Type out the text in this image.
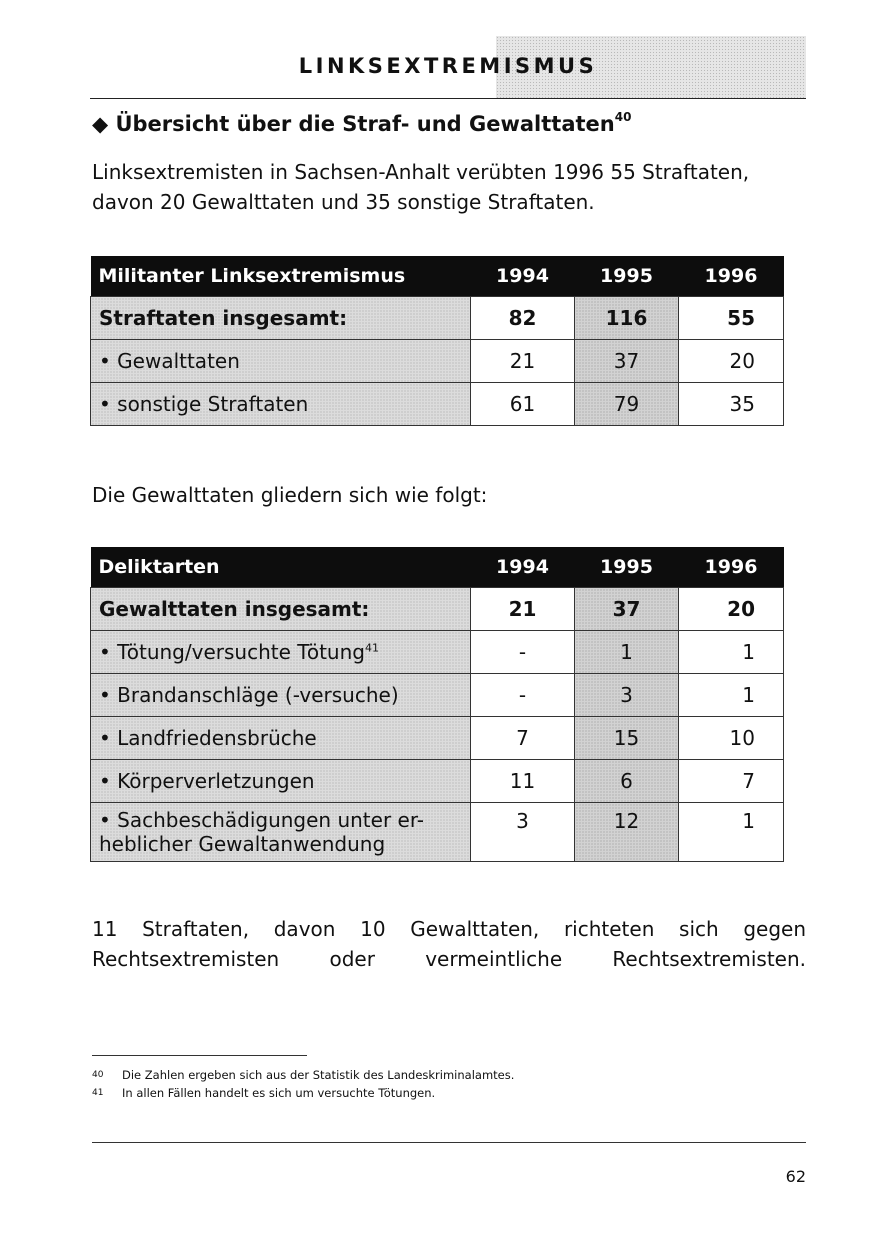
LINKSEXTREMISMUS
◆ Übersicht über die Straf- und Gewalttaten$^{40}$
Linksextremisten in Sachsen-Anhalt verübten 1996 55 Straftaten, davon 20 Gewalttaten und 35 sonstige Straftaten.
Militanter Linksextremismus	1994	1995	1996
Straftaten insgesamt:	82	116	55
• Gewalttaten	21	37	20
• sonstige Straftaten	61	79	35
Die Gewalttaten gliedern sich wie folgt:
Deliktarten	1994	1995	1996
Gewalttaten insgesamt:	21	37	20
• Tötung/versuchte Tötung$^{41}$	-	1	1
• Brandanschläge (-versuche)	-	3	1
• Landfriedensbrüche	7	15	10
• Körperverletzungen	11	6	7

• Sachbeschädigungen unter er-
heblicher Gewaltanwendung	3	12	1
11 Straftaten, davon 10 Gewalttaten, richteten sich gegen Rechtsextremisten oder vermeintliche Rechtsextremisten.
40 Die Zahlen ergeben sich aus der Statistik des Landeskriminalamtes.
41 In allen Fällen handelt es sich um versuchte Tötungen.
62
